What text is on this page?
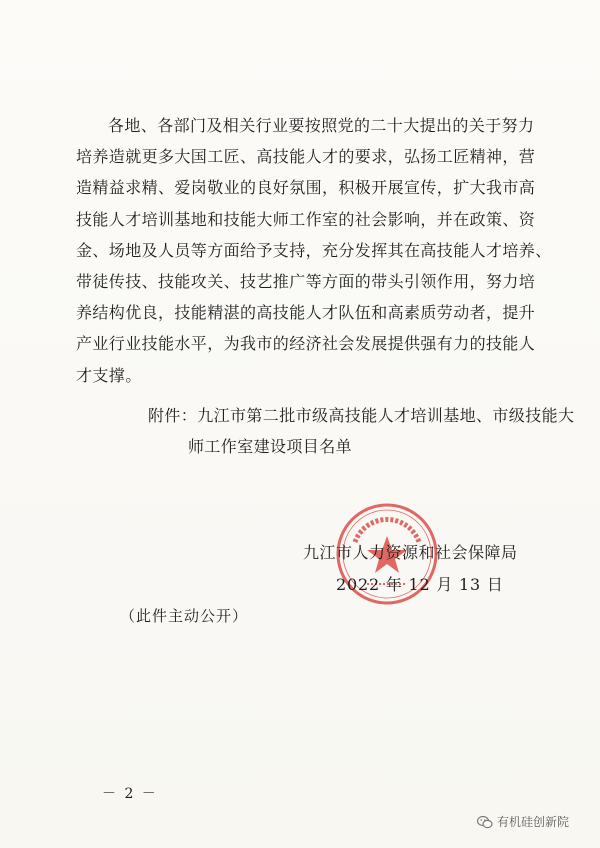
各地、各部门及相关行业要按照党的二十大提出的关于努力
培养造就更多大国工匠、高技能人才的要求，弘扬工匠精神，营
造精益求精、爱岗敬业的良好氛围，积极开展宣传，扩大我市高
技能人才培训基地和技能大师工作室的社会影响，并在政策、资
金、场地及人员等方面给予支持，充分发挥其在高技能人才培养、
带徒传技、技能攻关、技艺推广等方面的带头引领作用，努力培
养结构优良，技能精湛的高技能人才队伍和高素质劳动者，提升
产业行业技能水平，为我市的经济社会发展提供强有力的技能人
才支撑。
附件：九江市第二批市级高技能人才培训基地、市级技能大
师工作室建设项目名单
九江市人力资源和社会保障局
2022 年 12 月 13 日
（此件主动公开）
－ 2 －
有机硅创新院
